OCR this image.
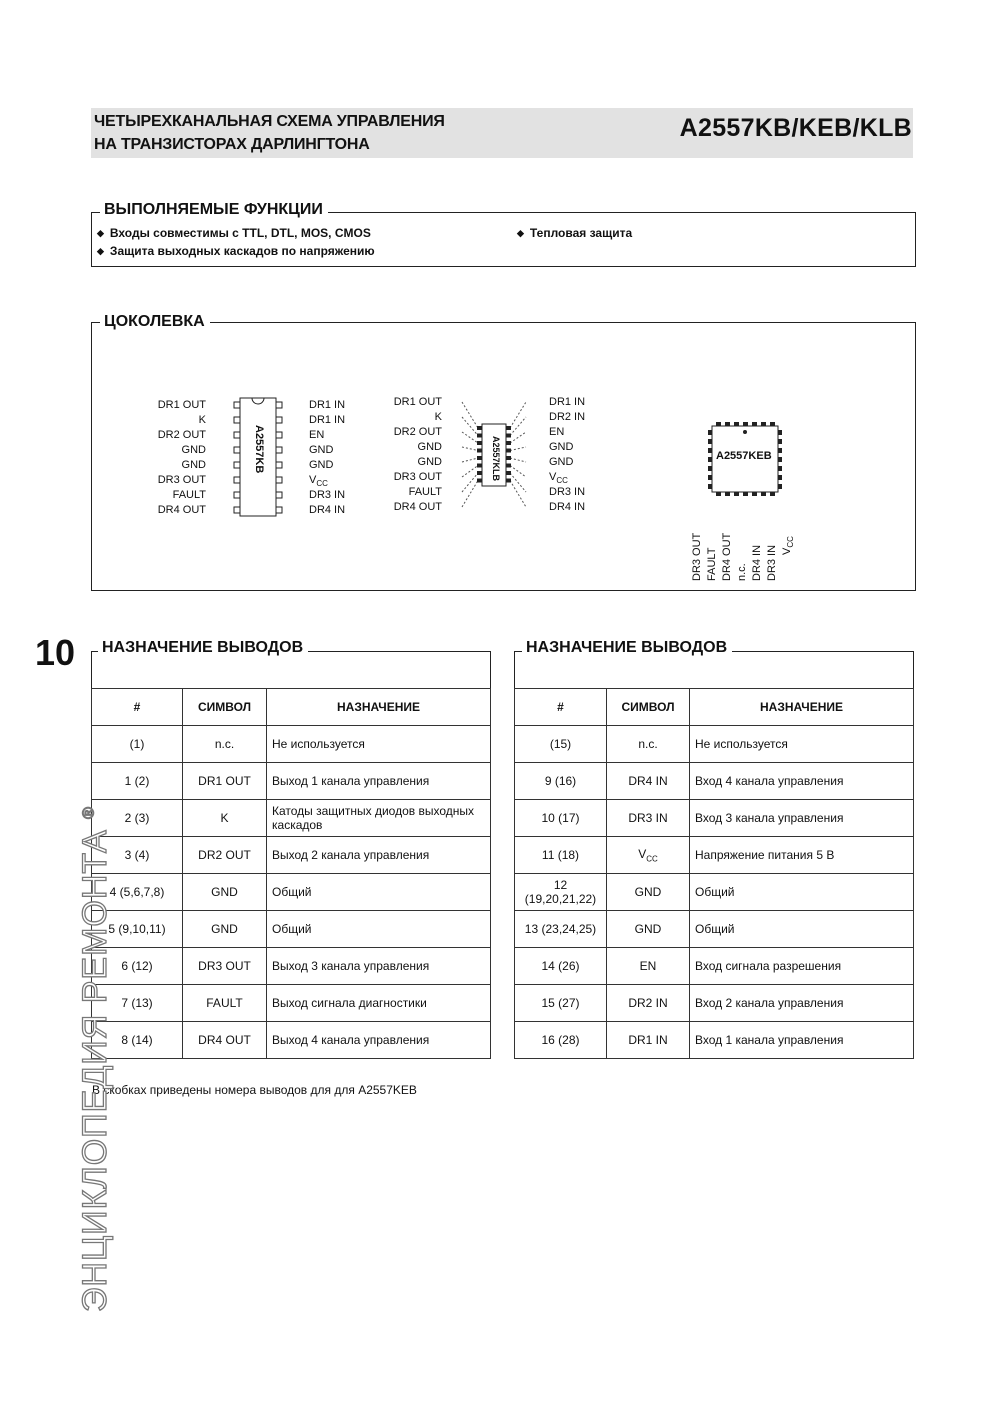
ЧЕТЫРЕХКАНАЛЬНАЯ СХЕМА УПРАВЛЕНИЯ
НА ТРАНЗИСТОРАХ ДАРЛИНГТОНА
A2557KB/KEB/KLB
ВЫПОЛНЯЕМЫЕ ФУНКЦИИ
◆ Входы совместимы с TTL, DTL, MOS, CMOS
◆ Защита выходных каскадов по напряжению
◆ Тепловая защита
ЦОКОЛЕВКА
A2557KB
DR1 OUT
K
DR2 OUT
GND
GND
DR3 OUT
FAULT
DR4 OUT
DR1 IN
DR1 IN
EN
GND
GND
$V_{CC}$
DR3 IN
DR4 IN
A2557KLB
DR1 OUT
K
DR2 OUT
GND
GND
DR3 OUT
FAULT
DR4 OUT
DR1 IN
DR2 IN
EN
GND
GND
$V_{CC}$
DR3 IN
DR4 IN
A2557KEB
DR3 OUT FAULT DR4 OUT n.c. DR4 IN DR3 IN $V_{CC}$
НАЗНАЧЕНИЕ ВЫВОДОВ
#	СИМВОЛ	НАЗНАЧЕНИЕ
(1)	n.c.	Не используется
1 (2)	DR1 OUT	Выход 1 канала управления
2 (3)	K	Катоды защитных диодов выходных каскадов
3 (4)	DR2 OUT	Выход 2 канала управления
4 (5,6,7,8)	GND	Общий
5 (9,10,11)	GND	Общий
6 (12)	DR3 OUT	Выход 3 канала управления
7 (13)	FAULT	Выход сигнала диагностики
8 (14)	DR4 OUT	Выход 4 канала управления
НАЗНАЧЕНИЕ ВЫВОДОВ
#	СИМВОЛ	НАЗНАЧЕНИЕ
(15)	n.c.	Не используется
9 (16)	DR4 IN	Вход 4 канала управления
10 (17)	DR3 IN	Вход 3 канала управления
11 (18)	$V_{CC}$	Напряжение питания 5 В
12 (19,20,21,22)	GND	Общий
13 (23,24,25)	GND	Общий
14 (26)	EN	Вход сигнала разрешения
15 (27)	DR2 IN	Вход 2 канала управления
16 (28)	DR1 IN	Вход 1 канала управления
В скобках приведены номера выводов для для A2557KEB
10
ЭНЦИКЛОПЕДИЯ РЕМОНТА ®
